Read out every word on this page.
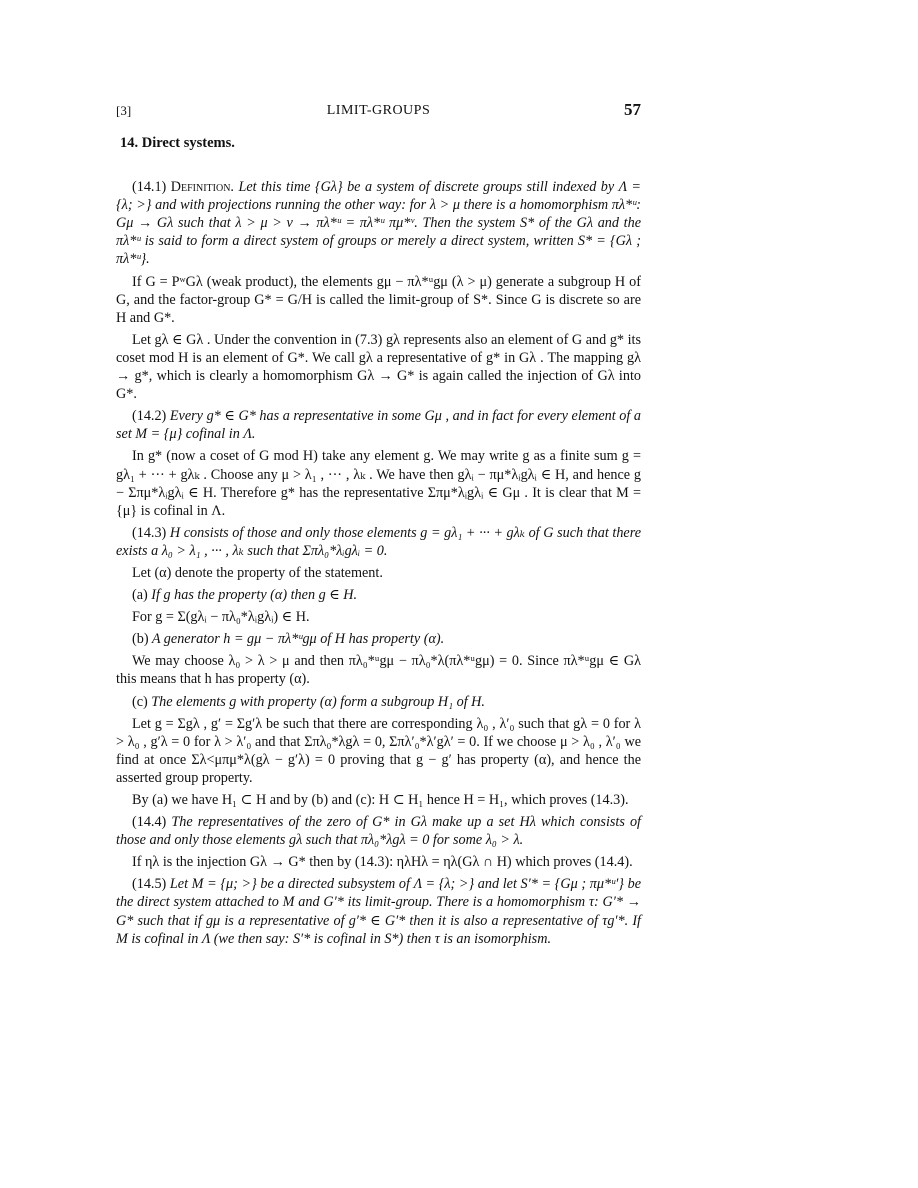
[3]	LIMIT-GROUPS	57
14. Direct systems.

(14.1) Definition. Let this time {Gλ} be a system of discrete groups still indexed by Λ = {λ; >} and with projections running the other way: for λ > μ there is a homomorphism πλ*ᵘ: Gμ → Gλ such that λ > μ > ν → πλ*ᵘ = πλ*ᵘ πμ*ᵛ. Then the system S* of the Gλ and the πλ*ᵘ is said to form a direct system of groups or merely a direct system, written S* = {Gλ ; πλ*ᵘ}.

If G = PʷGλ (weak product), the elements gμ − πλ*ᵘgμ (λ > μ) generate a subgroup H of G, and the factor-group G* = G/H is called the limit-group of S*. Since G is discrete so are H and G*.

Let gλ ∈ Gλ . Under the convention in (7.3) gλ represents also an element of G and g* its coset mod H is an element of G*. We call gλ a representative of g* in Gλ . The mapping gλ → g*, which is clearly a homomorphism Gλ → G* is again called the injection of Gλ into G*.

(14.2) Every g* ∈ G* has a representative in some Gμ , and in fact for every element of a set M = {μ} cofinal in Λ.

In g* (now a coset of G mod H) take any element g. We may write g as a finite sum g = gλ₁ + ··· + gλₖ . Choose any μ > λ₁ , ··· , λₖ . We have then gλᵢ − πμ*λᵢgλᵢ ∈ H, and hence g − Σπμ*λᵢgλᵢ ∈ H. Therefore g* has the representative Σπμ*λᵢgλᵢ ∈ Gμ . It is clear that M = {μ} is cofinal in Λ.

(14.3) H consists of those and only those elements g = gλ₁ + ··· + gλₖ of G such that there exists a λ₀ > λ₁ , ··· , λₖ such that Σπλ₀*λᵢgλᵢ = 0.

Let (α) denote the property of the statement.

(a) If g has the property (α) then g ∈ H.

For g = Σ(gλᵢ − πλ₀*λᵢgλᵢ) ∈ H.

(b) A generator h = gμ − πλ*ᵘgμ of H has property (α).

We may choose λ₀ > λ > μ and then πλ₀*ᵘgμ − πλ₀*λ(πλ*ᵘgμ) = 0. Since πλ*ᵘgμ ∈ Gλ this means that h has property (α).

(c) The elements g with property (α) form a subgroup H₁ of H.

Let g = Σgλ , g′ = Σg′λ be such that there are corresponding λ₀ , λ′₀ such that gλ = 0 for λ > λ₀ , g′λ = 0 for λ > λ′₀ and that Σπλ₀*λgλ = 0, Σπλ′₀*λ′gλ′ = 0. If we choose μ > λ₀ , λ′₀ we find at once Σλ<μπμ*λ(gλ − g′λ) = 0 proving that g − g′ has property (α), and hence the asserted group property.

By (a) we have H₁ ⊂ H and by (b) and (c): H ⊂ H₁ hence H = H₁, which proves (14.3).

(14.4) The representatives of the zero of G* in Gλ make up a set Hλ which consists of those and only those elements gλ such that πλ₀*λgλ = 0 for some λ₀ > λ.

If ηλ is the injection Gλ → G* then by (14.3): ηλHλ = ηλ(Gλ ∩ H) which proves (14.4).

(14.5) Let M = {μ; >} be a directed subsystem of Λ = {λ; >} and let S′* = {Gμ ; πμ*ᵘ′} be the direct system attached to M and G′* its limit-group. There is a homomorphism τ: G′* → G* such that if gμ is a representative of g′* ∈ G′* then it is also a representative of τg′*. If M is cofinal in Λ (we then say: S′* is cofinal in S*) then τ is an isomorphism.
